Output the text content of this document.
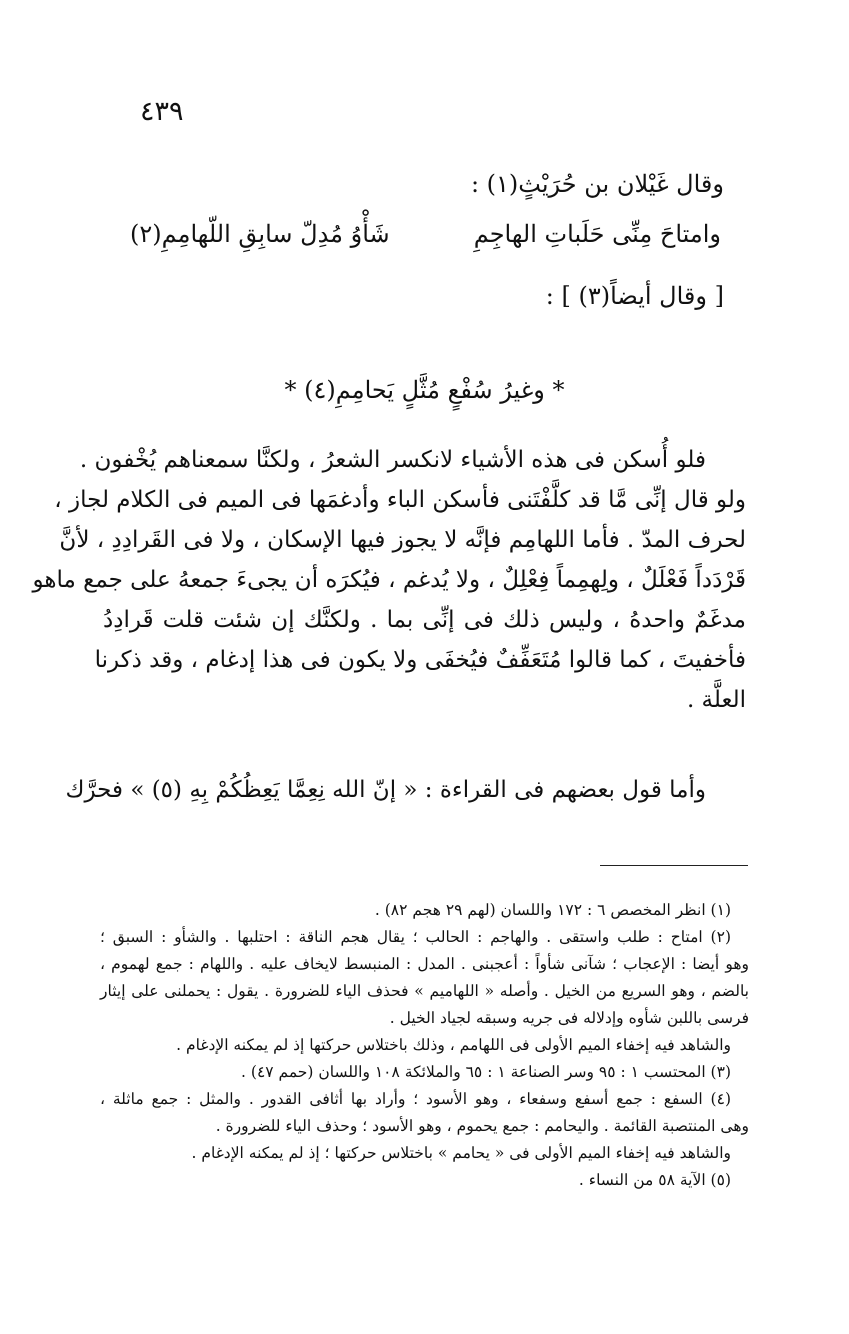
٤٣٩
وقال غَيْلان بن حُرَيْثٍ(١) :
وامتاحَ مِنِّى حَلَباتِ الهاجِمِ
شَأْوُ مُدِلّ سابِقِ اللّهامِمِ(٢)
[ وقال أيضاً(٣) ] :
* وغيرُ سُفْعٍ مُثَّلٍ يَحامِمِ(٤) *
فلو أُسكن فى هذه الأشياء لانكسر الشعرُ ، ولكنَّا سمعناهم يُخْفون .
ولو قال إنِّى مَّا قد كلَّفْتَنى فأسكن الباء وأدغمَها فى الميم فى الكلام لجاز ،
لحرف المدّ . فأما اللهامِم فإنَّه لا يجوز فيها الإسكان ، ولا فى القَرادِدِ ، لأنَّ
قَرْدَداً فَعْلَلٌ ، ولِهمِماً فِعْلِلٌ ، ولا يُدغم ، فيُكرَه أن يجىءَ جمعهُ على جمع ماهو
مدغَمٌ واحدهُ ، وليس ذلك فى إنِّى بما . ولكنَّك إن شئت قلت قَرادِدُ
فأخفيتَ ، كما قالوا مُتَعَفِّفٌ فيُخفَى ولا يكون فى هذا إدغام ، وقد ذكرنا
العلَّة .
وأما قول بعضهم فى القراءة : « إنّ الله نِعِمَّا يَعِظُكُمْ بِهِ (٥) » فحرَّك
(١) انظر المخصص ٦ : ١٧٢ واللسان (لهم ٢٩ هجم ٨٢) .
(٢) امتاح : طلب واستقى . والهاجم : الحالب ؛ يقال هجم الناقة : احتلبها . والشأو : السبق ؛
وهو أيضا : الإعجاب ؛ شآنى شأواً : أعجبنى . المدل : المنبسط لايخاف عليه . واللهام : جمع لهموم ،
بالضم ، وهو السريع من الخيل . وأصله « اللهاميم » فحذف الياء للضرورة . يقول : يحملنى على إيثار
فرسى باللبن شأوه وإدلاله فى جريه وسبقه لجياد الخيل .
والشاهد فيه إخفاء الميم الأولى فى اللهامم ، وذلك باختلاس حركتها إذ لم يمكنه الإدغام .
(٣) المحتسب ١ : ٩٥ وسر الصناعة ١ : ٦٥ والملائكة ١٠٨ واللسان (حمم ٤٧) .
(٤) السفع : جمع أسفع وسفعاء ، وهو الأسود ؛ وأراد بها أثافى القدور . والمثل : جمع ماثلة ،
وهى المنتصبة القائمة . واليحامم : جمع يحموم ، وهو الأسود ؛ وحذف الياء للضرورة .
والشاهد فيه إخفاء الميم الأولى فى « يحامم » باختلاس حركتها ؛ إذ لم يمكنه الإدغام .
(٥) الآية ٥٨ من النساء .
